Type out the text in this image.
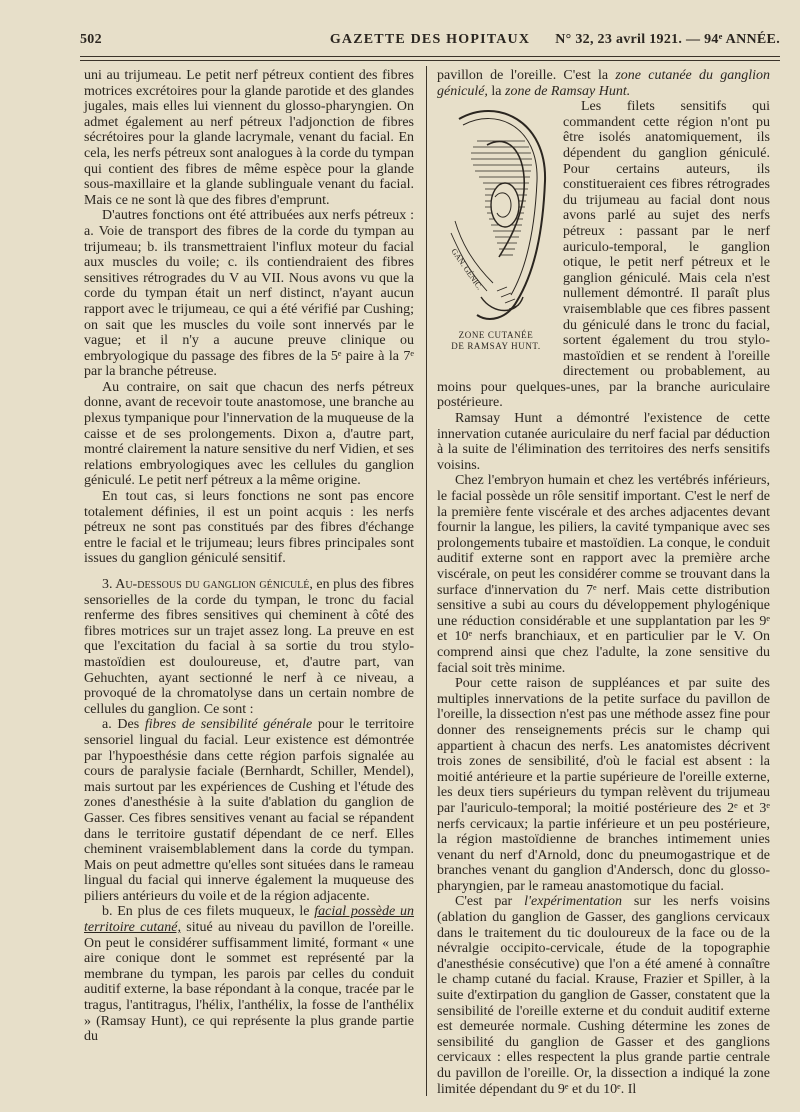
502	GAZETTE DES HOPITAUX	N° 32, 23 avril 1921. — 94ᵉ ANNÉE.

uni au trijumeau. Le petit nerf pétreux contient des fibres motrices excrétoires pour la glande parotide et des glandes jugales, mais elles lui viennent du glosso-pharyngien. On admet également au nerf pétreux l'adjonction de fibres sécrétoires pour la glande lacrymale, venant du facial. En cela, les nerfs pétreux sont analogues à la corde du tympan qui contient des fibres de même espèce pour la glande sous-maxillaire et la glande sublinguale venant du facial. Mais ce ne sont là que des fibres d'emprunt.

D'autres fonctions ont été attribuées aux nerfs pétreux : a. Voie de transport des fibres de la corde du tympan au trijumeau; b. ils transmettraient l'influx moteur du facial aux muscles du voile; c. ils contiendraient des fibres sensitives rétrogrades du V au VII. Nous avons vu que la corde du tympan était un nerf distinct, n'ayant aucun rapport avec le trijumeau, ce qui a été vérifié par Cushing; on sait que les muscles du voile sont innervés par le vague; et il n'y a aucune preuve clinique ou embryologique du passage des fibres de la 5ᵉ paire à la 7ᵉ par la branche pétreuse.

Au contraire, on sait que chacun des nerfs pétreux donne, avant de recevoir toute anastomose, une branche au plexus tympanique pour l'innervation de la muqueuse de la caisse et de ses prolongements. Dixon a, d'autre part, montré clairement la nature sensitive du nerf Vidien, et ses relations embryologiques avec les cellules du ganglion géniculé. Le petit nerf pétreux a la même origine.

En tout cas, si leurs fonctions ne sont pas encore totalement définies, il est un point acquis : les nerfs pétreux ne sont pas constitués par des fibres d'échange entre le facial et le trijumeau; leurs fibres principales sont issues du ganglion géniculé sensitif.

3. Au-dessous du ganglion géniculé, en plus des fibres sensorielles de la corde du tympan, le tronc du facial renferme des fibres sensitives qui cheminent à côté des fibres motrices sur un trajet assez long. La preuve en est que l'excitation du facial à sa sortie du trou stylo-mastoïdien est douloureuse, et, d'autre part, van Gehuchten, ayant sectionné le nerf à ce niveau, a provoqué de la chromatolyse dans un certain nombre de cellules du ganglion. Ce sont :

a. Des fibres de sensibilité générale pour le territoire sensoriel lingual du facial. Leur existence est démontrée par l'hypoesthésie dans cette région parfois signalée au cours de paralysie faciale (Bernhardt, Schiller, Mendel), mais surtout par les expériences de Cushing et l'étude des zones d'anesthésie à la suite d'ablation du ganglion de Gasser. Ces fibres sensitives venant au facial se répandent dans le territoire gustatif dépendant de ce nerf. Elles cheminent vraisemblablement dans la corde du tympan. Mais on peut admettre qu'elles sont situées dans le rameau lingual du facial qui innerve également la muqueuse des piliers antérieurs du voile et de la région adjacente.

b. En plus de ces filets muqueux, le facial possède un territoire cutané, situé au niveau du pavillon de l'oreille. On peut le considérer suffisamment limité, formant « une aire conique dont le sommet est représenté par la membrane du tympan, les parois par celles du conduit auditif externe, la base répondant à la conque, tracée par le tragus, l'antitragus, l'hélix, l'anthélix, la fosse de l'anthélix » (Ramsay Hunt), ce qui représente la plus grande partie du

pavillon de l'oreille. C'est la zone cutanée du ganglion géniculé, la zone de Ramsay Hunt.

GAN. GÉNIC.
ZONE CUTANÉE
DE RAMSAY HUNT.

Les filets sensitifs qui commandent cette région n'ont pu être isolés anatomiquement, ils dépendent du ganglion géniculé. Pour certains auteurs, ils constitueraient ces fibres rétrogrades du trijumeau au facial dont nous avons parlé au sujet des nerfs pétreux : passant par le nerf auriculo-temporal, le ganglion otique, le petit nerf pétreux et le ganglion géniculé. Mais cela n'est nullement démontré. Il paraît plus vraisemblable que ces fibres passent du géniculé dans le tronc du facial, sortent également du trou stylo-mastoïdien et se rendent à l'oreille directement ou probablement, au moins pour quelques-unes, par la branche auriculaire postérieure.

Ramsay Hunt a démontré l'existence de cette innervation cutanée auriculaire du nerf facial par déduction à la suite de l'élimination des territoires des nerfs sensitifs voisins.

Chez l'embryon humain et chez les vertébrés inférieurs, le facial possède un rôle sensitif important. C'est le nerf de la première fente viscérale et des arches adjacentes devant fournir la langue, les piliers, la cavité tympanique avec ses prolongements tubaire et mastoïdien. La conque, le conduit auditif externe sont en rapport avec la première arche viscérale, on peut les considérer comme se trouvant dans la surface d'innervation du 7ᵉ nerf. Mais cette distribution sensitive a subi au cours du développement phylogénique une réduction considérable et une supplantation par les 9ᵉ et 10ᵉ nerfs branchiaux, et en particulier par le V. On comprend ainsi que chez l'adulte, la zone sensitive du facial soit très minime.

Pour cette raison de suppléances et par suite des multiples innervations de la petite surface du pavillon de l'oreille, la dissection n'est pas une méthode assez fine pour donner des renseignements précis sur le champ qui appartient à chacun des nerfs. Les anatomistes décrivent trois zones de sensibilité, d'où le facial est absent : la moitié antérieure et la partie supérieure de l'oreille externe, les deux tiers supérieurs du tympan relèvent du trijumeau par l'auriculo-temporal; la moitié postérieure des 2ᵉ et 3ᵉ nerfs cervicaux; la partie inférieure et un peu postérieure, la région mastoïdienne de branches intimement unies venant du nerf d'Arnold, donc du pneumogastrique et de branches venant du ganglion d'Andersch, donc du glosso-pharyngien, par le rameau anastomotique du facial.

C'est par l'expérimentation sur les nerfs voisins (ablation du ganglion de Gasser, des ganglions cervicaux dans le traitement du tic douloureux de la face ou de la névralgie occipito-cervicale, étude de la topographie d'anesthésie consécutive) que l'on a été amené à connaître le champ cutané du facial. Krause, Frazier et Spiller, à la suite d'extirpation du ganglion de Gasser, constatent que la sensibilité de l'oreille externe et du conduit auditif externe est demeurée normale. Cushing détermine les zones de sensibilité du ganglion de Gasser et des ganglions cervicaux : elles respectent la plus grande partie centrale du pavillon de l'oreille. Or, la dissection a indiqué la zone limitée dépendant du 9ᵉ et du 10ᵉ. Il
